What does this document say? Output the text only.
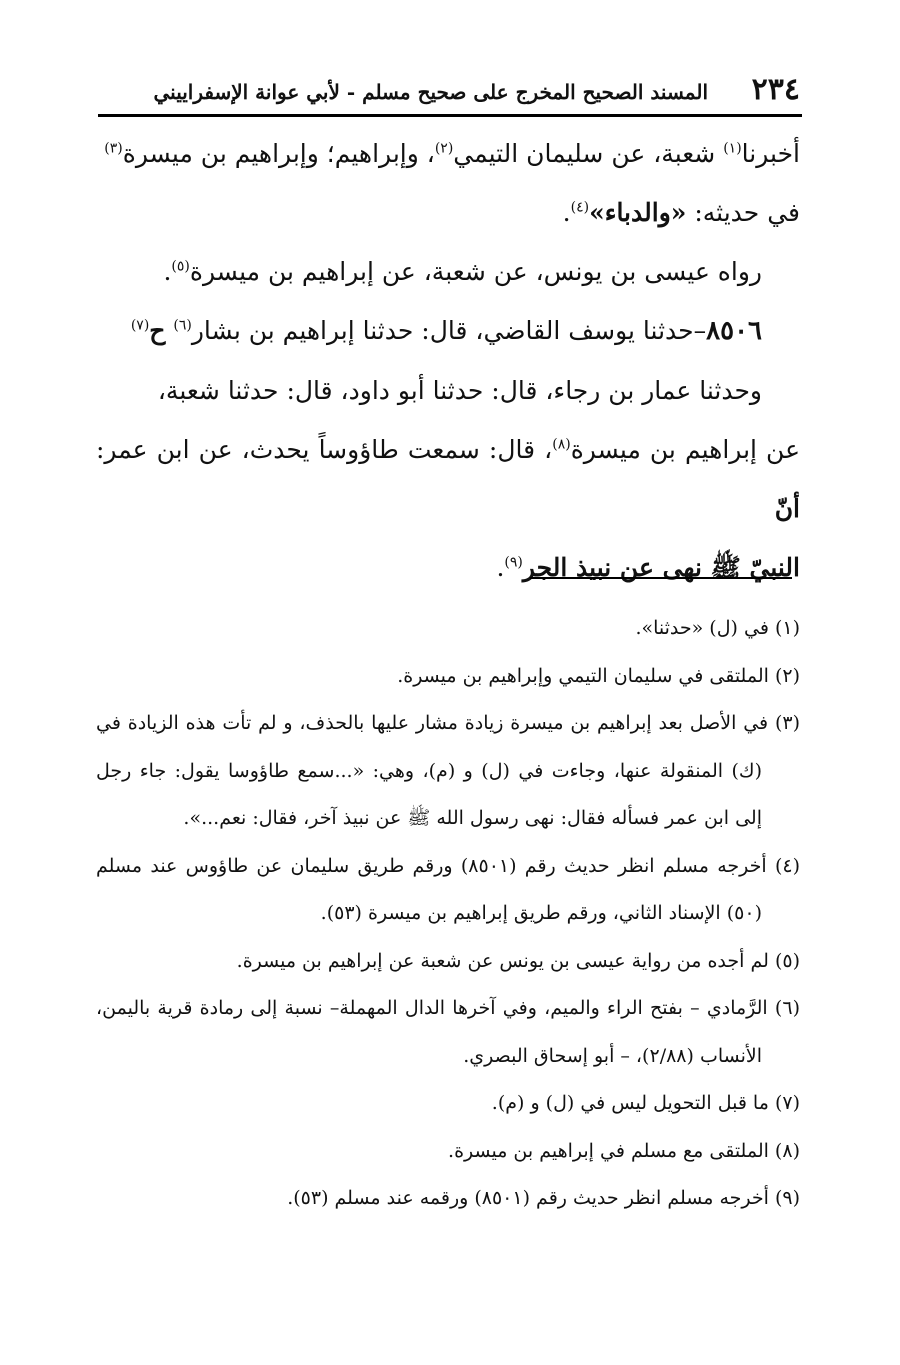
٢٣٤
المسند الصحيح المخرج على صحيح مسلم - لأبي عوانة الإسفراييني

أخبرنا$^{(١)}$ شعبة، عن سليمان التيمي$^{(٢)}$، وإبراهيم؛ وإبراهيم بن ميسرة$^{(٣)}$

في حديثه: «والدباء»$^{(٤)}$.

رواه عيسى بن يونس، عن شعبة، عن إبراهيم بن ميسرة$^{(٥)}$.

٨٥٠٦–حدثنا يوسف القاضي، قال: حدثنا إبراهيم بن بشار$^{(٦)}$ ح$^{(٧)}$

وحدثنا عمار بن رجاء، قال: حدثنا أبو داود، قال: حدثنا شعبة،

عن إبراهيم بن ميسرة$^{(٨)}$، قال: سمعت طاؤوساً يحدث، عن ابن عمر: أنّ

النبيّ ﷺ نهى عن نبيذ الجر$^{(٩)}$.

(١) في (ل) «حدثنا».

(٢) الملتقى في سليمان التيمي وإبراهيم بن ميسرة.

(٣) في الأصل بعد إبراهيم بن ميسرة زيادة مشار عليها بالحذف، و لم تأت هذه الزيادة في (ك) المنقولة عنها، وجاءت في (ل) و (م)، وهي: «...سمع طاؤوسا يقول: جاء رجل إلى ابن عمر فسأله فقال: نهى رسول الله ﷺ عن نبيذ آخر، فقال: نعم...».

(٤) أخرجه مسلم انظر حديث رقم (٨٥٠١) ورقم طريق سليمان عن طاؤوس عند مسلم (٥٠) الإسناد الثاني، ورقم طريق إبراهيم بن ميسرة (٥٣).

(٥) لم أجده من رواية عيسى بن يونس عن شعبة عن إبراهيم بن ميسرة.

(٦) الرَّمادي – بفتح الراء والميم، وفي آخرها الدال المهملة– نسبة إلى رمادة قرية باليمن، الأنساب (٢/٨٨)، – أبو إسحاق البصري.

(٧) ما قبل التحويل ليس في (ل) و (م).

(٨) الملتقى مع مسلم في إبراهيم بن ميسرة.

(٩) أخرجه مسلم انظر حديث رقم (٨٥٠١) ورقمه عند مسلم (٥٣).
